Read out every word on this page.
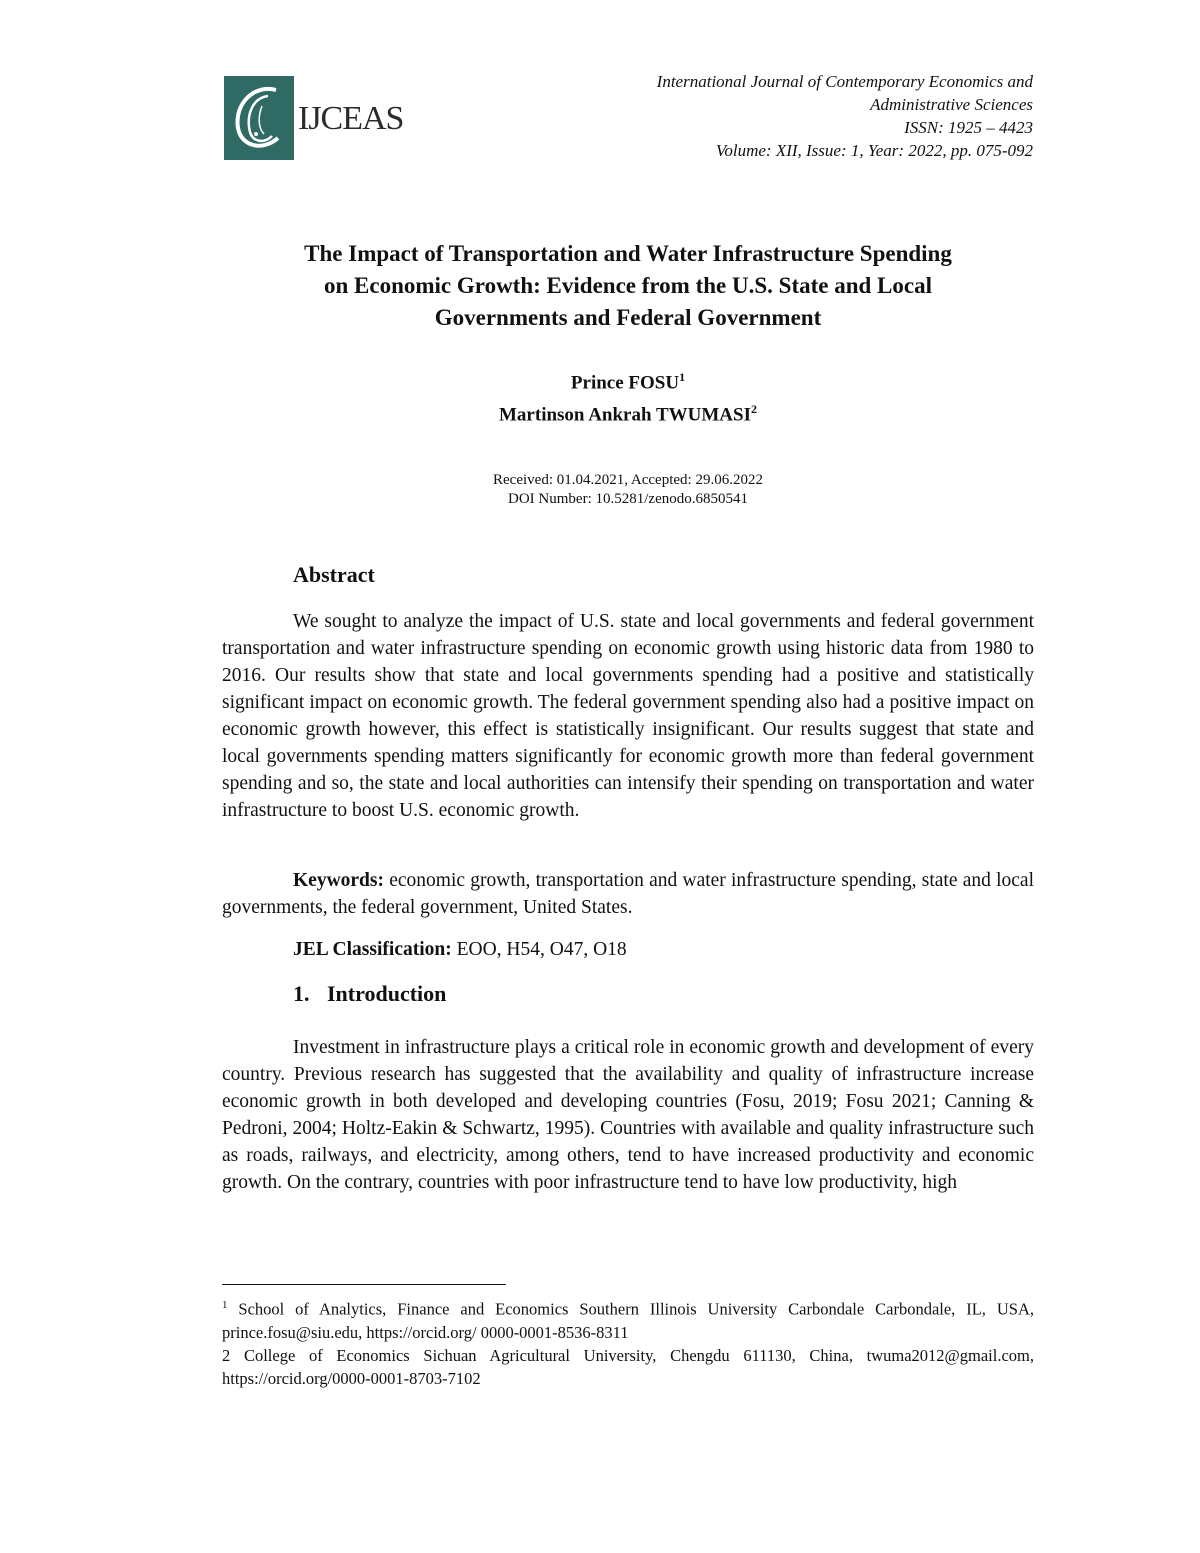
IJCEAS
International Journal of Contemporary Economics and
Administrative Sciences
ISSN: 1925 – 4423
Volume: XII, Issue: 1, Year: 2022, pp. 075-092
The Impact of Transportation and Water Infrastructure Spending
on Economic Growth: Evidence from the U.S. State and Local
Governments and Federal Government
Prince FOSU$^1$
Martinson Ankrah TWUMASI$^2$
Received: 01.04.2021, Accepted: 29.06.2022
DOI Number: 10.5281/zenodo.6850541
Abstract
We sought to analyze the impact of U.S. state and local governments and federal government transportation and water infrastructure spending on economic growth using historic data from 1980 to 2016. Our results show that state and local governments spending had a positive and statistically significant impact on economic growth. The federal government spending also had a positive impact on economic growth however, this effect is statistically insignificant. Our results suggest that state and local governments spending matters significantly for economic growth more than federal government spending and so, the state and local authorities can intensify their spending on transportation and water infrastructure to boost U.S. economic growth.
Keywords: economic growth, transportation and water infrastructure spending, state and local governments, the federal government, United States.
JEL Classification: EOO, H54, O47, O18
1. Introduction
Investment in infrastructure plays a critical role in economic growth and development of every country. Previous research has suggested that the availability and quality of infrastructure increase economic growth in both developed and developing countries (Fosu, 2019; Fosu 2021; Canning & Pedroni, 2004; Holtz-Eakin & Schwartz, 1995). Countries with available and quality infrastructure such as roads, railways, and electricity, among others, tend to have increased productivity and economic growth. On the contrary, countries with poor infrastructure tend to have low productivity, high
$^1$ School of Analytics, Finance and Economics Southern Illinois University Carbondale Carbondale, IL, USA, prince.fosu@siu.edu, https://orcid.org/ 0000-0001-8536-8311
2 College of Economics Sichuan Agricultural University, Chengdu 611130, China, twuma2012@gmail.com, https://orcid.org/0000-0001-8703-7102
